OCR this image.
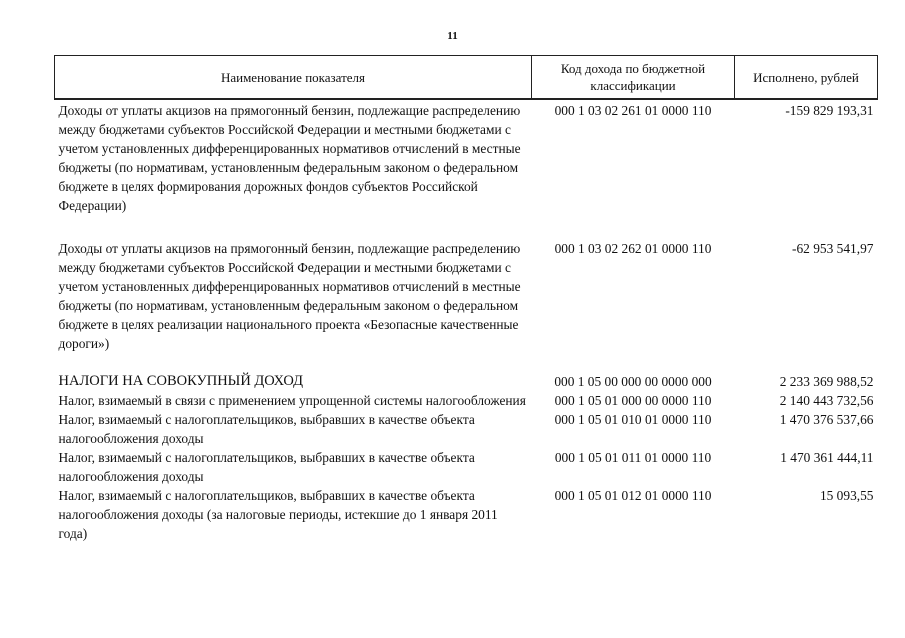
11
Наименование показателя	Код дохода по бюджетной классификации	Исполнено, рублей
Доходы от уплаты акцизов на прямогонный бензин, подлежащие распределению между бюджетами субъектов Российской Федерации и местными бюджетами с учетом установленных дифференцированных нормативов отчислений в местные бюджеты (по нормативам, установленным федеральным законом о федеральном бюджете в целях формирования дорожных фондов субъектов Российской Федерации)	000 1 03 02 261 01 0000 110	-159 829 193,31
Доходы от уплаты акцизов на прямогонный бензин, подлежащие распределению между бюджетами субъектов Российской Федерации и местными бюджетами с учетом установленных дифференцированных нормативов отчислений в местные бюджеты (по нормативам, установленным федеральным законом о федеральном бюджете в целях реализации национального проекта «Безопасные качественные дороги»)	000 1 03 02 262 01 0000 110	-62 953 541,97
НАЛОГИ НА СОВОКУПНЫЙ ДОХОД	000 1 05 00 000 00 0000 000	2 233 369 988,52
Налог, взимаемый в связи с применением упрощенной системы налогообложения	000 1 05 01 000 00 0000 110	2 140 443 732,56
Налог, взимаемый с налогоплательщиков, выбравших в качестве объекта налогообложения доходы	000 1 05 01 010 01 0000 110	1 470 376 537,66
Налог, взимаемый с налогоплательщиков, выбравших в качестве объекта налогообложения доходы	000 1 05 01 011 01 0000 110	1 470 361 444,11
Налог, взимаемый с налогоплательщиков, выбравших в качестве объекта налогообложения доходы (за налоговые периоды, истекшие до 1 января 2011 года)	000 1 05 01 012 01 0000 110	15 093,55
